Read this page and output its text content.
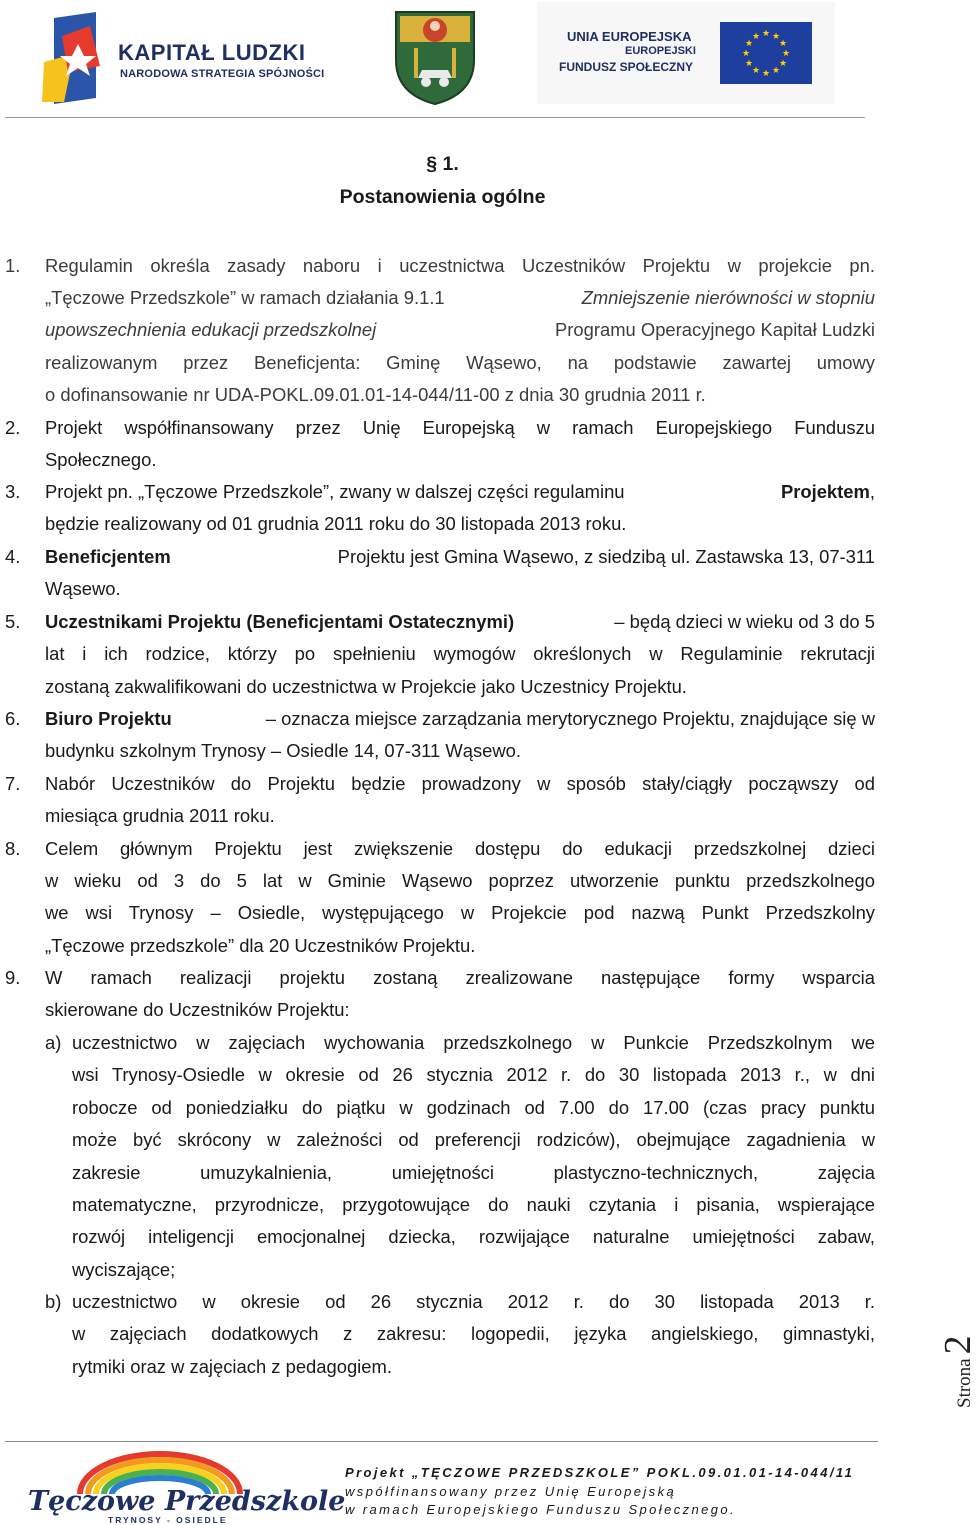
KAPITAŁ LUDZKI
NARODOWA STRATEGIA SPÓJNOŚCI
UNIA EUROPEJSKA
EUROPEJSKI
FUNDUSZ SPOŁECZNY
★ ★
★
★
★
★
★
★
★
★
★
★
§ 1.
Postanowienia ogólne
1. Regulamin określa zasady naboru i uczestnictwa Uczestników Projektu w projekcie pn.
„Tęczowe Przedszkole” w ramach działania 9.1.1	Zmniejszenie nierówności w stopniu
upowszechnienia edukacji przedszkolnej	Programu Operacyjnego Kapitał Ludzki
realizowanym przez Beneficjenta: Gminę Wąsewo, na podstawie zawartej umowy
o dofinansowanie nr UDA-POKL.09.01.01-14-044/11-00 z dnia 30 grudnia 2011 r.
2. Projekt współfinansowany przez Unię Europejską w ramach Europejskiego Funduszu
Społecznego.
3. Projekt pn. „Tęczowe Przedszkole”, zwany w dalszej części regulaminu	Projektem,
będzie realizowany od 01 grudnia 2011 roku do 30 listopada 2013 roku.
4. Beneficjentem	Projektu jest Gmina Wąsewo, z siedzibą ul. Zastawska 13, 07-311
Wąsewo.
5. Uczestnikami Projektu (Beneficjentami Ostatecznymi)	– będą dzieci w wieku od 3 do 5
lat i ich rodzice, którzy po spełnieniu wymogów określonych w Regulaminie rekrutacji
zostaną zakwalifikowani do uczestnictwa w Projekcie jako Uczestnicy Projektu.
6. Biuro Projektu	– oznacza miejsce zarządzania merytorycznego Projektu, znajdujące się w
budynku szkolnym Trynosy – Osiedle 14, 07-311 Wąsewo.
7. Nabór Uczestników do Projektu będzie prowadzony w sposób stały/ciągły począwszy od
miesiąca grudnia 2011 roku.
8. Celem głównym Projektu jest zwiększenie dostępu do edukacji przedszkolnej dzieci
w wieku od 3 do 5 lat w Gminie Wąsewo poprzez utworzenie punktu przedszkolnego
we wsi Trynosy – Osiedle, występującego w Projekcie pod nazwą Punkt Przedszkolny
„Tęczowe przedszkole” dla 20 Uczestników Projektu.
9. W ramach realizacji projektu zostaną zrealizowane następujące formy wsparcia
skierowane do Uczestników Projektu:
a) uczestnictwo w zajęciach wychowania przedszkolnego w Punkcie Przedszkolnym we
wsi Trynosy-Osiedle w okresie od 26 stycznia 2012 r. do 30 listopada 2013 r., w dni
robocze od poniedziałku do piątku w godzinach od 7.00 do 17.00 (czas pracy punktu
może być skrócony w zależności od preferencji rodziców), obejmujące zagadnienia w
zakresie umuzykalnienia, umiejętności plastyczno-technicznych, zajęcia
matematyczne, przyrodnicze, przygotowujące do nauki czytania i pisania, wspierające
rozwój inteligencji emocjonalnej dziecka, rozwijające naturalne umiejętności zabaw,
wyciszające;
b) uczestnictwo w okresie od 26 stycznia 2012 r. do 30 listopada 2013 r.
w zajęciach dodatkowych z zakresu: logopedii, języka angielskiego, gimnastyki,
rytmiki oraz w zajęciach z pedagogiem.	Strona2
Tęczowe Przedszkole
TRYNOSY - OSIEDLE
Projekt „TĘCZOWE PRZEDSZKOLE” POKL.09.01.01-14-044/11
współfinansowany przez Unię Europejską
w ramach Europejskiego Funduszu Społecznego.
